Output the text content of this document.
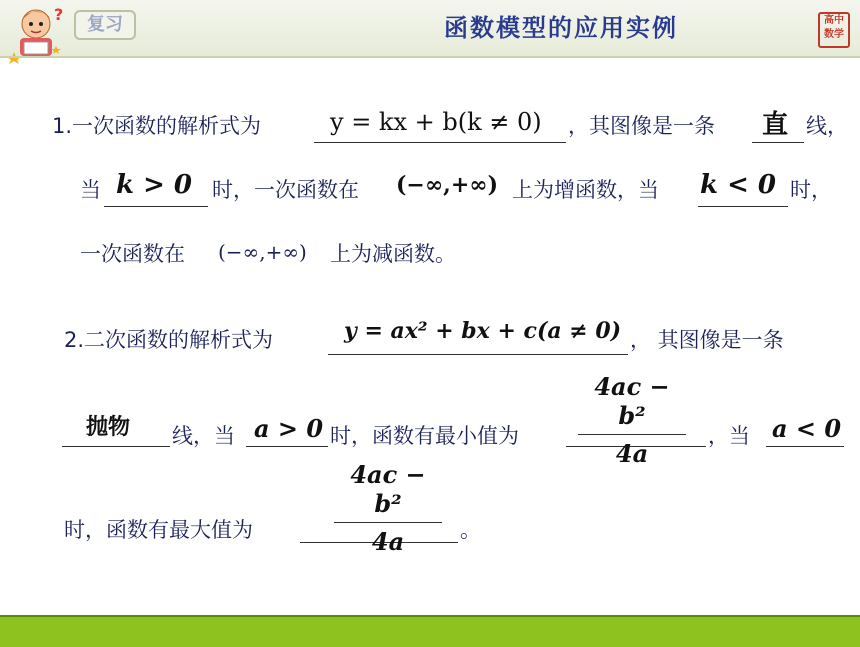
?	复习	函数模型的应用实例	高中
数学
1.一次函数的解析式为	y = kx + b(k ≠ 0) ，其图像是一条 直 线，
当 k > 0 时，一次函数在 (−∞,+∞) 上为增函数，当 k < 0 时，
一次函数在 (−∞,+∞) 上为减函数。
2.二次函数的解析式为	y = ax² + bx + c(a ≠ 0) ， 其图像是一条
抛物 线，当 a > 0 时，函数有最小值为
4ac − b²
4a
，当 a < 0
时，函数有最大值为
4ac − b²
4a	。
